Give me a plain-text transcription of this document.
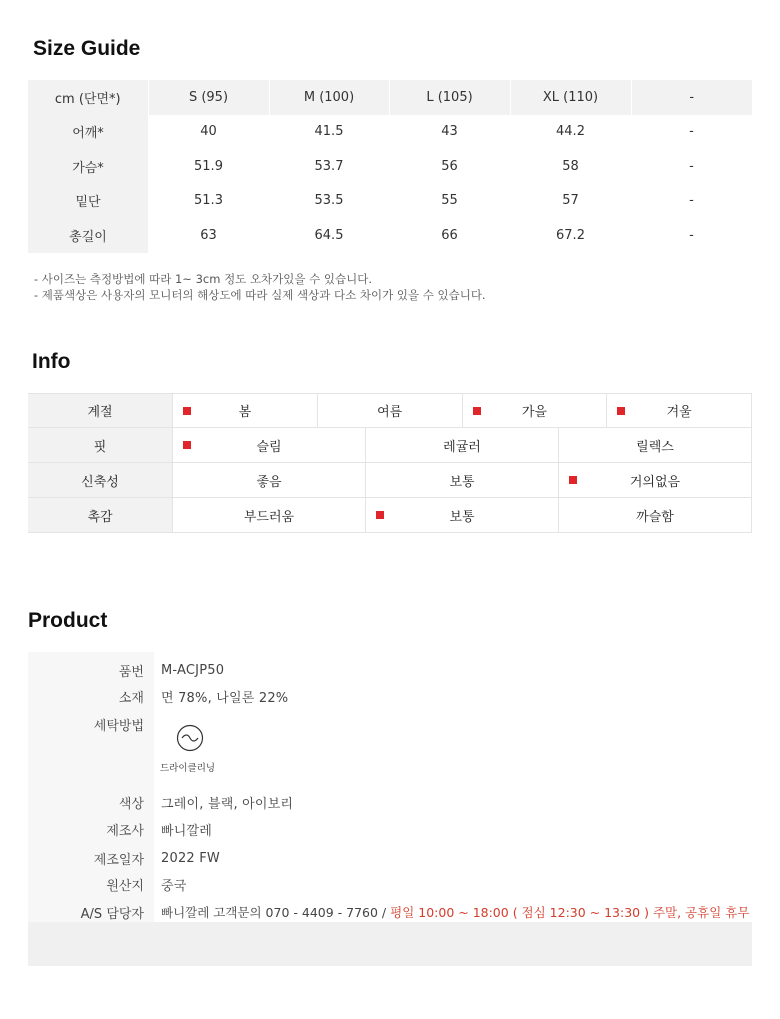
Size Guide
cm (단면*)	S (95)	M (100)	L (105)	XL (110)	-
어깨*	40	41.5	43	44.2	-
가슴*	51.9	53.7	56	58	-
밑단	51.3	53.5	55	57	-
총길이	63	64.5	66	67.2	-
- 사이즈는 측정방법에 따라 1~ 3cm 정도 오차가있을 수 있습니다.
- 제품색상은 사용자의 모니터의 해상도에 따라 실제 색상과 다소 차이가 있을 수 있습니다.
Info
계절	봄	여름	가을	겨울
핏	슬림	레귤러	릴렉스
신축성	좋음	보통	거의없음
촉감	부드러움	보통	까슬함
Product
품번 M-ACJP50
소재 면 78%, 나일론 22%
세탁방법
드라이클리닝
색상 그레이, 블랙, 아이보리
제조사 빠니깔레
제조일자 2022 FW
원산지 중국
A/S 담당자 빠니깔레 고객문의 070 - 4409 - 7760 / 평일 10:00 ~ 18:00 ( 점심 12:30 ~ 13:30 ) 주말, 공휴일 휴무
